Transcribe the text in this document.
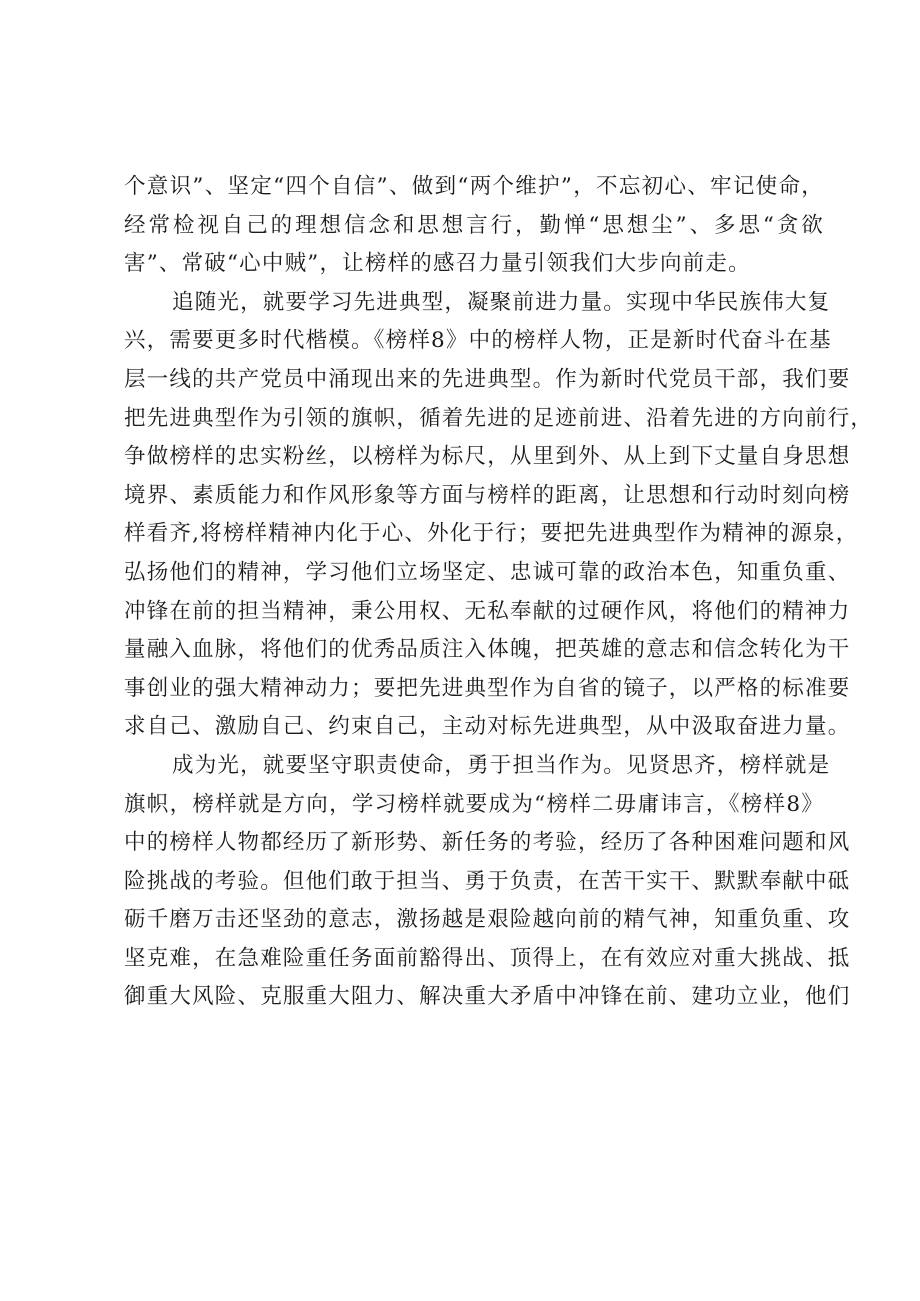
个意识”、坚定“四个自信”、做到“两个维护”，不忘初心、牢记使命，
经常检视自己的理想信念和思想言行，勤惮“思想尘”、多思“贪欲
害”、常破“心中贼”，让榜样的感召力量引领我们大步向前走。
追随光，就要学习先进典型，凝聚前进力量。实现中华民族伟大复
兴，需要更多时代楷模。《榜样8》中的榜样人物，正是新时代奋斗在基
层一线的共产党员中涌现出来的先进典型。作为新时代党员干部，我们要
把先进典型作为引领的旗帜，循着先进的足迹前进、沿着先进的方向前行，
争做榜样的忠实粉丝，以榜样为标尺，从里到外、从上到下丈量自身思想
境界、素质能力和作风形象等方面与榜样的距离，让思想和行动时刻向榜
样看齐,将榜样精神内化于心、外化于行；要把先进典型作为精神的源泉，
弘扬他们的精神，学习他们立场坚定、忠诚可靠的政治本色，知重负重、
冲锋在前的担当精神，秉公用权、无私奉献的过硬作风，将他们的精神力
量融入血脉，将他们的优秀品质注入体魄，把英雄的意志和信念转化为干
事创业的强大精神动力；要把先进典型作为自省的镜子，以严格的标准要
求自己、激励自己、约束自己，主动对标先进典型，从中汲取奋进力量。
成为光，就要坚守职责使命，勇于担当作为。见贤思齐，榜样就是
旗帜，榜样就是方向，学习榜样就要成为“榜样二毋庸讳言，《榜样8》
中的榜样人物都经历了新形势、新任务的考验，经历了各种困难问题和风
险挑战的考验。但他们敢于担当、勇于负责，在苦干实干、默默奉献中砥
砺千磨万击还坚劲的意志，激扬越是艰险越向前的精气神，知重负重、攻
坚克难，在急难险重任务面前豁得出、顶得上，在有效应对重大挑战、抵
御重大风险、克服重大阻力、解决重大矛盾中冲锋在前、建功立业，他们
